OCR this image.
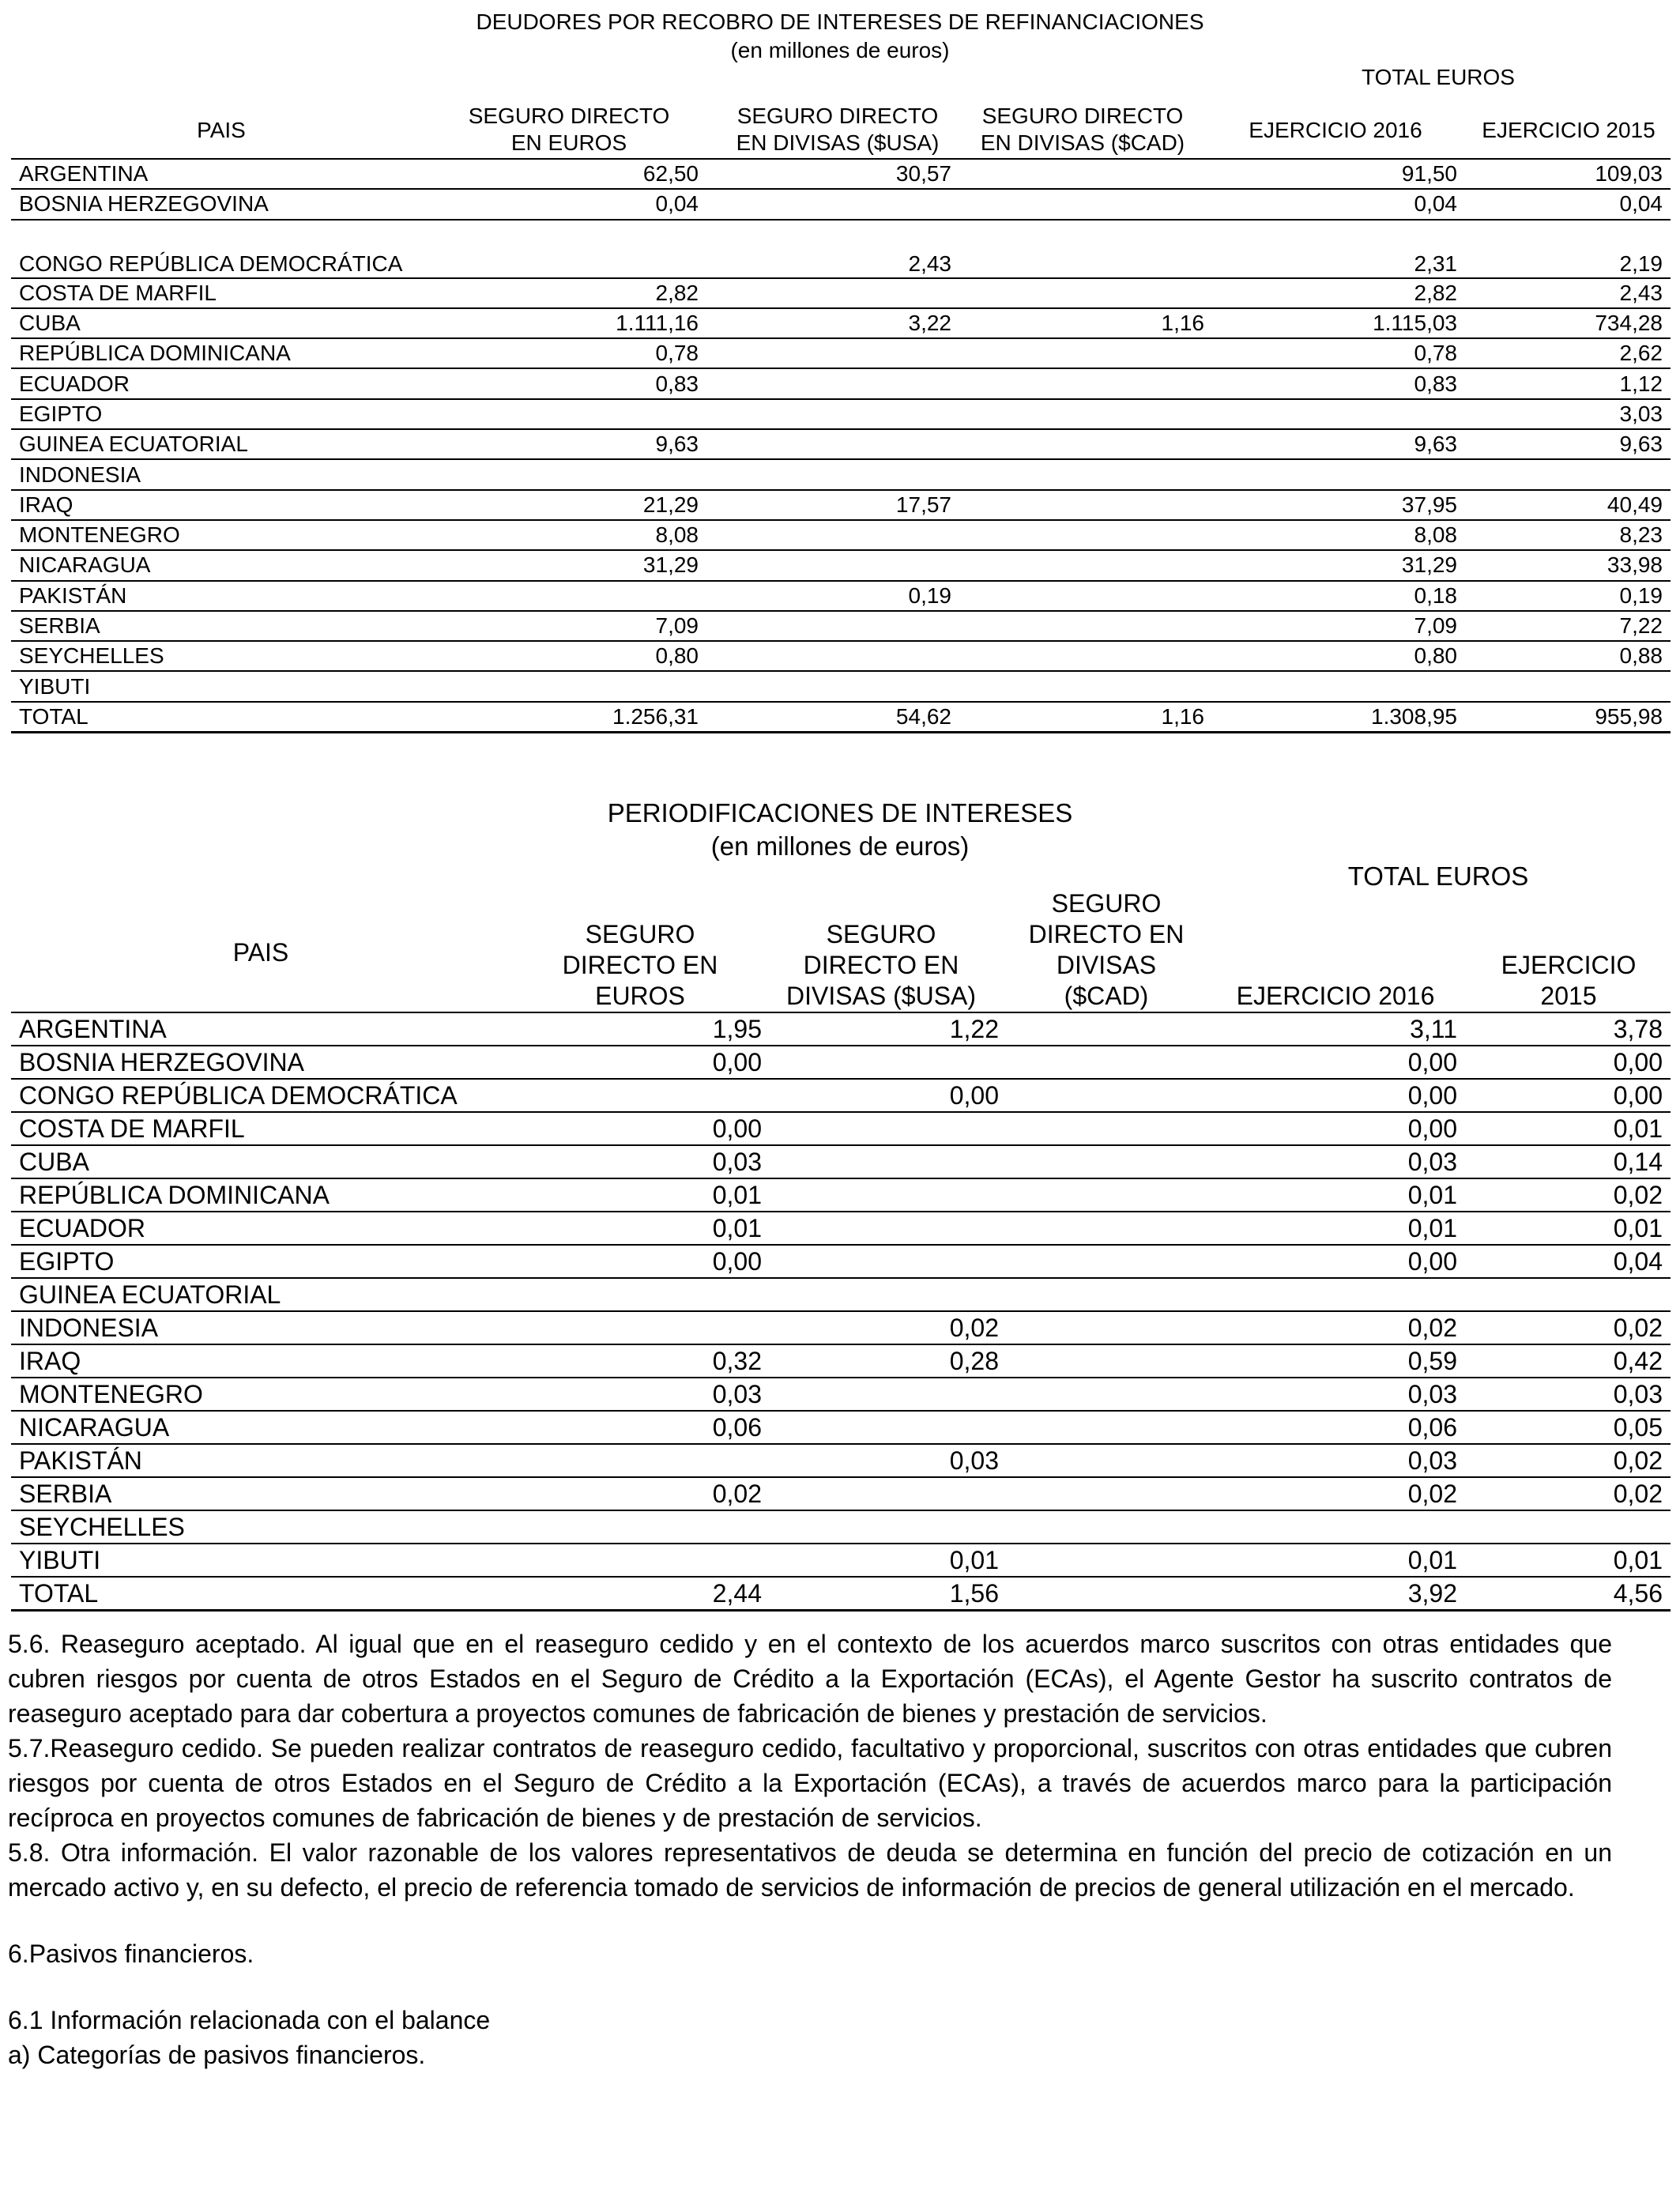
DEUDORES POR RECOBRO DE INTERESES DE REFINANCIACIONES
(en millones de euros)
TOTAL EUROS
PAIS
SEGURO DIRECTO
EN EUROS
SEGURO DIRECTO
EN DIVISAS ($USA)
SEGURO DIRECTO
EN DIVISAS ($CAD)
EJERCICIO 2016	EJERCICIO 2015
ARGENTINA	62,50	30,57		91,50	109,03
BOSNIA HERZEGOVINA	0,04			0,04	0,04
CONGO REPÚBLICA DEMOCRÁTICA		2,43		2,31	2,19
COSTA DE MARFIL	2,82			2,82	2,43
CUBA	1.111,16	3,22	1,16	1.115,03	734,28
REPÚBLICA DOMINICANA	0,78			0,78	2,62
ECUADOR	0,83			0,83	1,12
EGIPTO					3,03
GUINEA ECUATORIAL	9,63			9,63	9,63
INDONESIA					
IRAQ	21,29	17,57		37,95	40,49
MONTENEGRO	8,08			8,08	8,23
NICARAGUA	31,29			31,29	33,98
PAKISTÁN		0,19		0,18	0,19
SERBIA	7,09			7,09	7,22
SEYCHELLES	0,80			0,80	0,88
YIBUTI					
TOTAL	1.256,31	54,62	1,16	1.308,95	955,98
PERIODIFICACIONES DE INTERESES
(en millones de euros)
TOTAL EUROS
PAIS
SEGURO
DIRECTO EN
EUROS
SEGURO
DIRECTO EN
DIVISAS ($USA)
SEGURO
DIRECTO EN
DIVISAS
($CAD)	EJERCICIO 2016
EJERCICIO
2015
ARGENTINA	1,95	1,22		3,11	3,78
BOSNIA HERZEGOVINA	0,00			0,00	0,00
CONGO REPÚBLICA DEMOCRÁTICA		0,00		0,00	0,00
COSTA DE MARFIL	0,00			0,00	0,01
CUBA	0,03			0,03	0,14
REPÚBLICA DOMINICANA	0,01			0,01	0,02
ECUADOR	0,01			0,01	0,01
EGIPTO	0,00			0,00	0,04
GUINEA ECUATORIAL					
INDONESIA		0,02		0,02	0,02
IRAQ	0,32	0,28		0,59	0,42
MONTENEGRO	0,03			0,03	0,03
NICARAGUA	0,06			0,06	0,05
PAKISTÁN		0,03		0,03	0,02
SERBIA	0,02			0,02	0,02
SEYCHELLES					
YIBUTI		0,01		0,01	0,01
TOTAL	2,44	1,56		3,92	4,56

5.6. Reaseguro aceptado. Al igual que en el reaseguro cedido y en el contexto de los acuerdos marco suscritos con otras entidades que cubren riesgos por cuenta de otros Estados en el Seguro de Crédito a la Exportación (ECAs), el Agente Gestor ha suscrito contratos de reaseguro aceptado para dar cobertura a proyectos comunes de fabricación de bienes y prestación de servicios.

5.7.Reaseguro cedido. Se pueden realizar contratos de reaseguro cedido, facultativo y proporcional, suscritos con otras entidades que cubren riesgos por cuenta de otros Estados en el Seguro de Crédito a la Exportación (ECAs), a través de acuerdos marco para la participación recíproca en proyectos comunes de fabricación de bienes y de prestación de servicios.

5.8. Otra información. El valor razonable de los valores representativos de deuda se determina en función del precio de cotización en un mercado activo y, en su defecto, el precio de referencia tomado de servicios de información de precios de general utilización en el mercado.

6.Pasivos financieros.

6.1 Información relacionada con el balance

a) Categorías de pasivos financieros.
